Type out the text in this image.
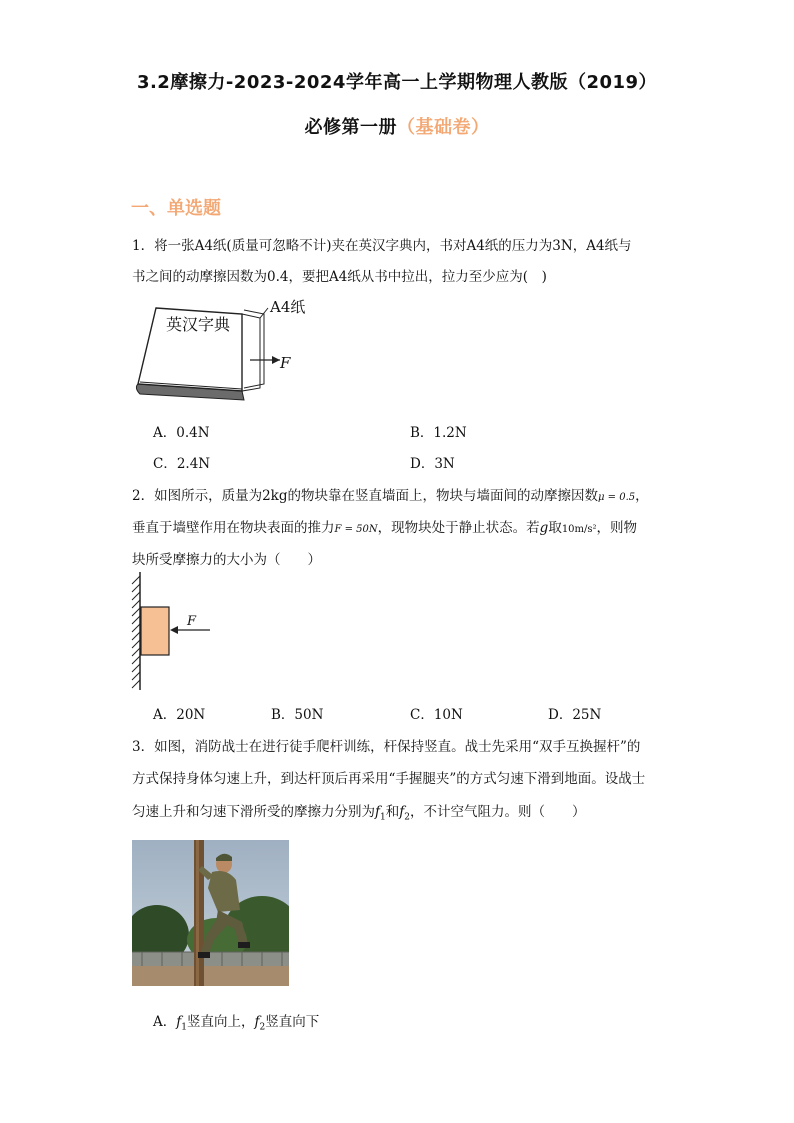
3.2摩擦力-2023-2024学年高一上学期物理人教版（2019）
必修第一册（基础卷）
一、单选题
1．将一张A4纸(质量可忽略不计)夹在英汉字典内，书对A4纸的压力为3N，A4纸与
书之间的动摩擦因数为0.4，要把A4纸从书中拉出，拉力至少应为(　)
英汉字典
A4纸
F
A．0.4N	B．1.2N
C．2.4N	D．3N
2．如图所示，质量为2kg的物块靠在竖直墙面上，物块与墙面间的动摩擦因数μ = 0.5，
垂直于墙壁作用在物块表面的推力F = 50N，现物块处于静止状态。若g取10m/s²，则物
块所受摩擦力的大小为（　　）
F
A．20N	B．50N	C．10N	D．25N
3．如图，消防战士在进行徒手爬杆训练，杆保持竖直。战士先采用“双手互换握杆”的
方式保持身体匀速上升，到达杆顶后再采用“手握腿夹”的方式匀速下滑到地面。设战士
匀速上升和匀速下滑所受的摩擦力分别为$f_1$和$f_2$，不计空气阻力。则（　　）
A．$f_1$竖直向上，$f_2$竖直向下
